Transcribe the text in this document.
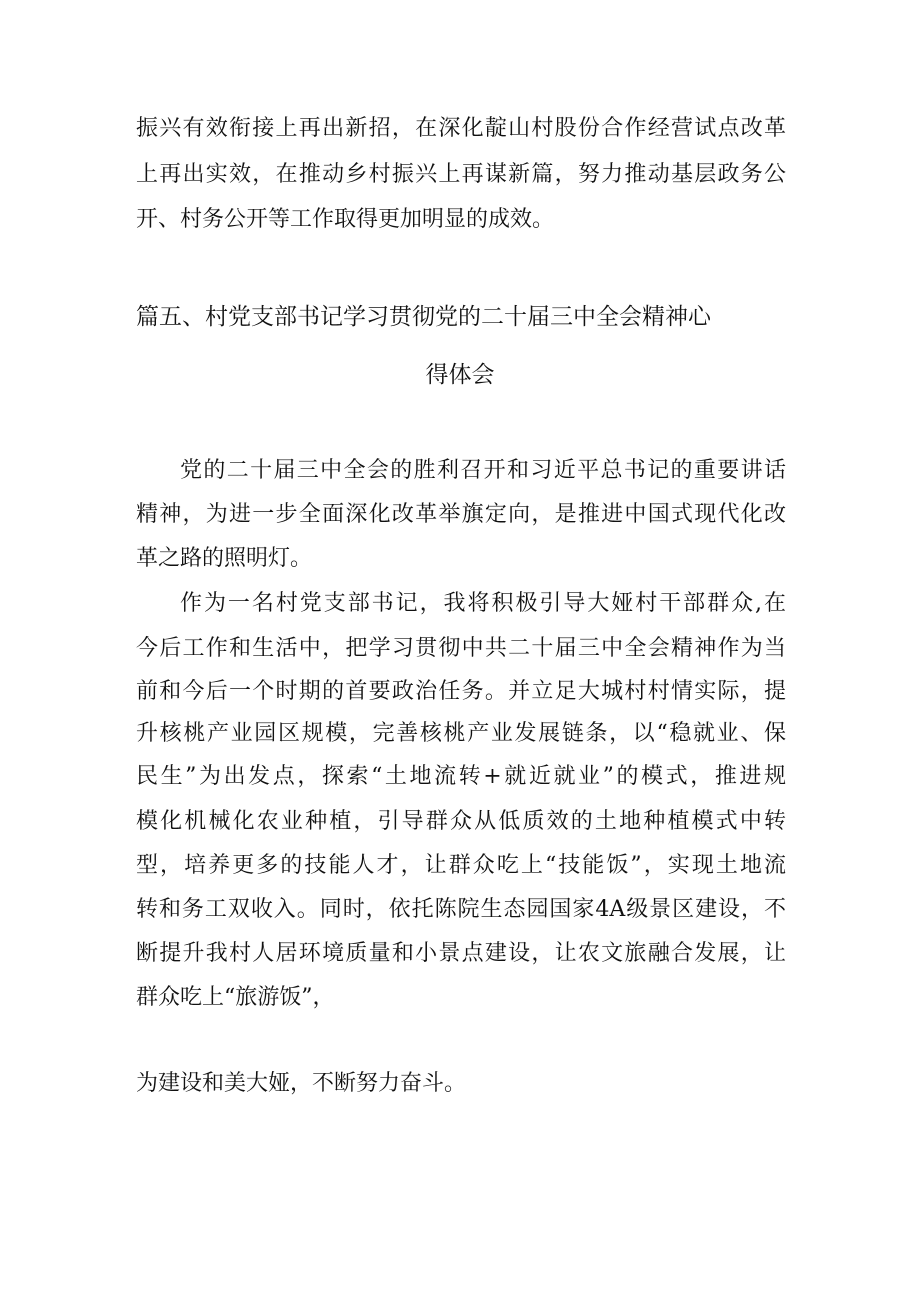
振兴有效衔接上再出新招，在深化靛山村股份合作经营试点改革
上再出实效，在推动乡村振兴上再谋新篇，努力推动基层政务公
开、村务公开等工作取得更加明显的成效。
篇五、村党支部书记学习贯彻党的二十届三中全会精神心
得体会
党的二十届三中全会的胜利召开和习近平总书记的重要讲话
精神，为进一步全面深化改革举旗定向，是推进中国式现代化改
革之路的照明灯。
作为一名村党支部书记，我将积极引导大娅村干部群众,在
今后工作和生活中，把学习贯彻中共二十届三中全会精神作为当
前和今后一个时期的首要政治任务。并立足大城村村情实际，提
升核桃产业园区规模，完善核桃产业发展链条，以“稳就业、保
民生”为出发点，探索“土地流转+就近就业”的模式，推进规
模化机械化农业种植，引导群众从低质效的土地种植模式中转
型，培养更多的技能人才，让群众吃上“技能饭”，实现土地流
转和务工双收入。同时，依托陈院生态园国家4A级景区建设，不
断提升我村人居环境质量和小景点建设，让农文旅融合发展，让
群众吃上“旅游饭”，
为建设和美大娅，不断努力奋斗。
